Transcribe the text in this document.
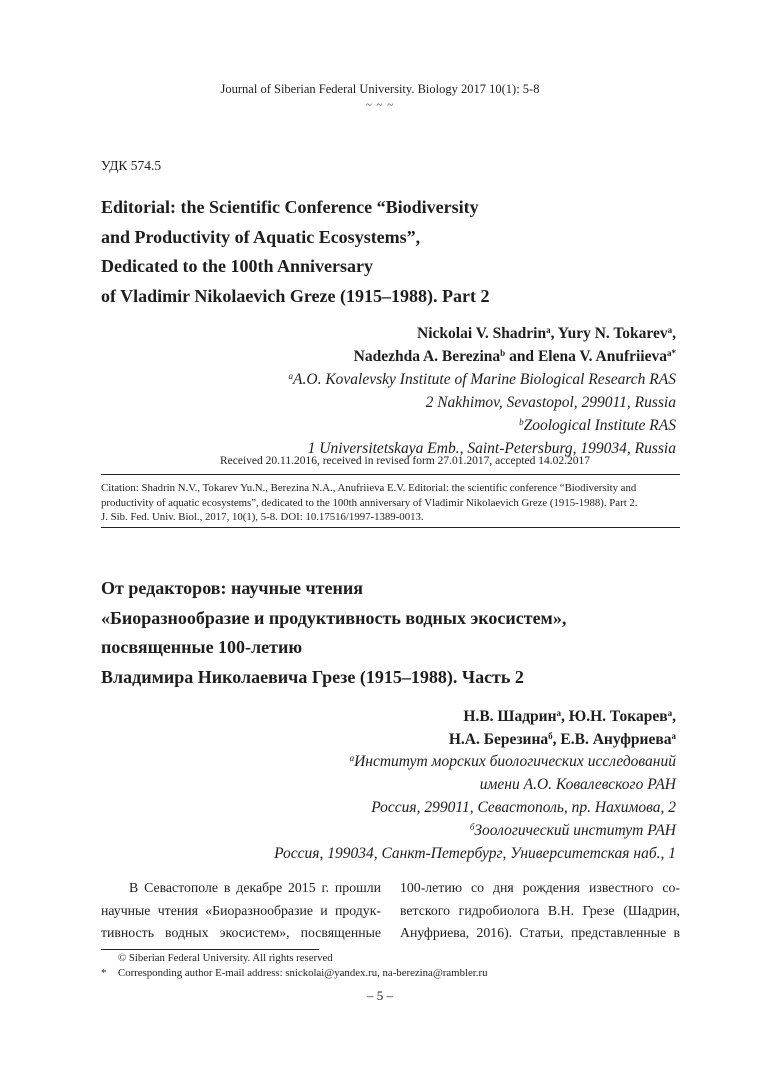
Journal of Siberian Federal University. Biology 2017 10(1): 5-8
~ ~ ~
УДК 574.5
Editorial: the Scientific Conference “Biodiversity
and Productivity of Aquatic Ecosystems”,
Dedicated to the 100th Anniversary
of Vladimir Nikolaevich Greze (1915–1988). Part 2
Nickolai V. Shadrin$^a$, Yury N. Tokarev$^a$,
Nadezhda A. Berezina$^b$ and Elena V. Anufriieva$^{a*}$
$^a$A.O. Kovalevsky Institute of Marine Biological Research RAS
2 Nakhimov, Sevastopol, 299011, Russia
$^b$Zoological Institute RAS
1 Universitetskaya Emb., Saint-Petersburg, 199034, Russia
Received 20.11.2016, received in revised form 27.01.2017, accepted 14.02.2017
Citation: Shadrin N.V., Tokarev Yu.N., Berezina N.A., Anufriieva E.V. Editorial: the scientific conference “Biodiversity and
productivity of aquatic ecosystems”, dedicated to the 100th anniversary of Vladimir Nikolaevich Greze (1915-1988). Part 2.
J. Sib. Fed. Univ. Biol., 2017, 10(1), 5-8. DOI: 10.17516/1997-1389-0013.
От редакторов: научные чтения
«Биоразнообразие и продуктивность водных экосистем»,
посвященные 100-летию
Владимира Николаевича Грезе (1915–1988). Часть 2
Н.В. Шадрин$^а$, Ю.Н. Токарев$^а$,
Н.А. Березина$^б$, Е.В. Ануфриева$^а$
$^а$Институт морских биологических исследований
имени А.О. Ковалевского РАН
Россия, 299011, Севастополь, пр. Нахимова, 2
$^б$Зоологический институт РАН
Россия, 199034, Санкт-Петербург, Университетская наб., 1
В Севастополе в декабре 2015 г. прошли
научные чтения «Биоразнообразие и продук-
тивность водных экосистем», посвященные
100-летию со дня рождения известного со-
ветского гидробиолога В.Н. Грезе (Шадрин,
Ануфриева, 2016). Статьи, представленные в
© Siberian Federal University. All rights reserved
* Corresponding author E-mail address: snickolai@yandex.ru, na-berezina@rambler.ru
– 5 –
